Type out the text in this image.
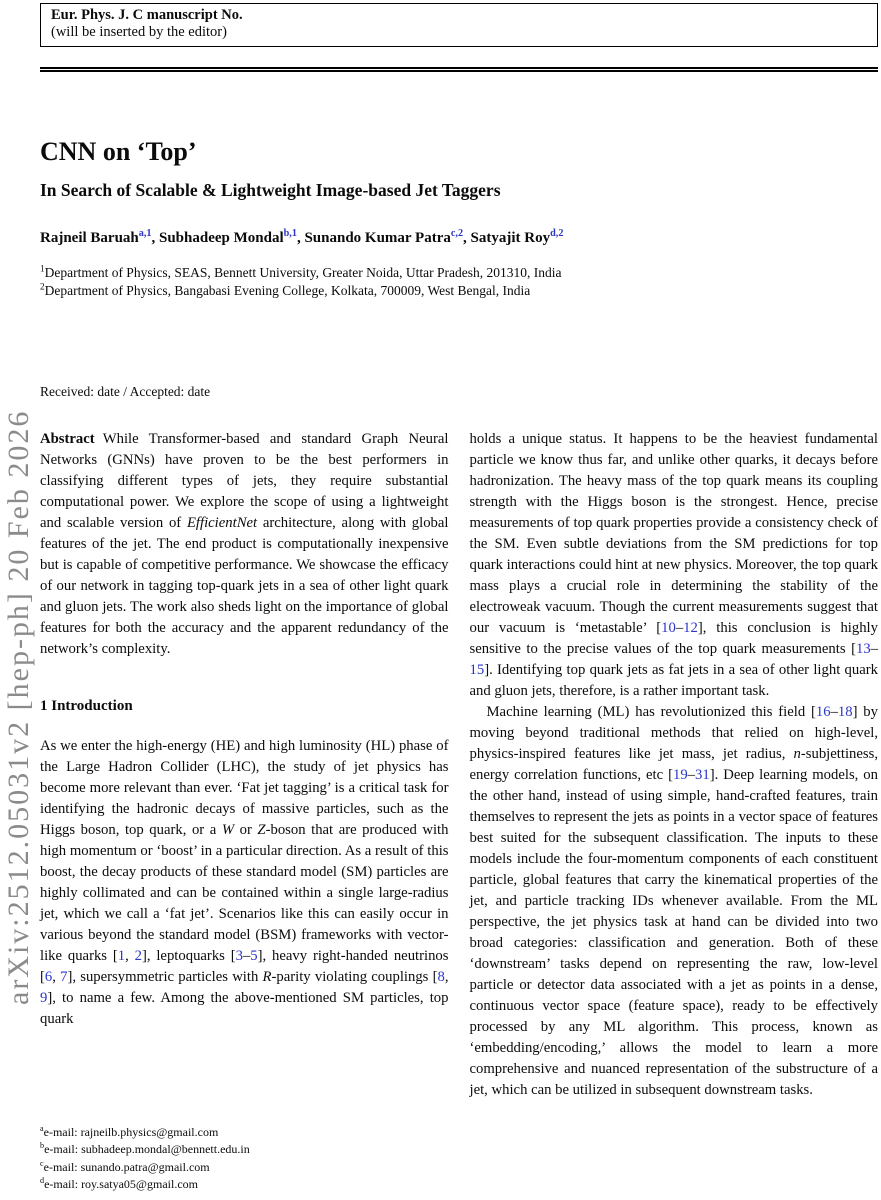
arXiv:2512.05031v2 [hep-ph] 20 Feb 2026
Eur. Phys. J. C manuscript No.
(will be inserted by the editor)
CNN on ‘Top’
In Search of Scalable & Lightweight Image-based Jet Taggers
Rajneil Baruah$^{a,1}$, Subhadeep Mondal$^{b,1}$, Sunando Kumar Patra$^{c,2}$, Satyajit Roy$^{d,2}$
$^1$Department of Physics, SEAS, Bennett University, Greater Noida, Uttar Pradesh, 201310, India
$^2$Department of Physics, Bangabasi Evening College, Kolkata, 700009, West Bengal, India
Received: date / Accepted: date

Abstract While Transformer-based and standard Graph Neural Networks (GNNs) have proven to be the best performers in classifying different types of jets, they require substantial computational power. We explore the scope of using a lightweight and scalable version of EfficientNet architecture, along with global features of the jet. The end product is computationally inexpensive but is capable of competitive performance. We showcase the efficacy of our network in tagging top-quark jets in a sea of other light quark and gluon jets. The work also sheds light on the importance of global features for both the accuracy and the apparent redundancy of the network’s complexity.

1 Introduction

As we enter the high-energy (HE) and high luminosity (HL) phase of the Large Hadron Collider (LHC), the study of jet physics has become more relevant than ever. ‘Fat jet tagging’ is a critical task for identifying the hadronic decays of massive particles, such as the Higgs boson, top quark, or a W or Z-boson that are produced with high momentum or ‘boost’ in a particular direction. As a result of this boost, the decay products of these standard model (SM) particles are highly collimated and can be contained within a single large-radius jet, which we call a ‘fat jet’. Scenarios like this can easily occur in various beyond the standard model (BSM) frameworks with vector-like quarks [1, 2], leptoquarks [3–5], heavy right-handed neutrinos [6, 7], supersymmetric particles with R-parity violating couplings [8, 9], to name a few. Among the above-mentioned SM particles, top quark

$^a$e-mail: rajneilb.physics@gmail.com
$^b$e-mail: subhadeep.mondal@bennett.edu.in
$^c$e-mail: sunando.patra@gmail.com
$^d$e-mail: roy.satya05@gmail.com

holds a unique status. It happens to be the heaviest fundamental particle we know thus far, and unlike other quarks, it decays before hadronization. The heavy mass of the top quark means its coupling strength with the Higgs boson is the strongest. Hence, precise measurements of top quark properties provide a consistency check of the SM. Even subtle deviations from the SM predictions for top quark interactions could hint at new physics. Moreover, the top quark mass plays a crucial role in determining the stability of the electroweak vacuum. Though the current measurements suggest that our vacuum is ‘metastable’ [10–12], this conclusion is highly sensitive to the precise values of the top quark measurements [13–15]. Identifying top quark jets as fat jets in a sea of other light quark and gluon jets, therefore, is a rather important task.

Machine learning (ML) has revolutionized this field [16–18] by moving beyond traditional methods that relied on high-level, physics-inspired features like jet mass, jet radius, n-subjettiness, energy correlation functions, etc [19–31]. Deep learning models, on the other hand, instead of using simple, hand-crafted features, train themselves to represent the jets as points in a vector space of features best suited for the subsequent classification. The inputs to these models include the four-momentum components of each constituent particle, global features that carry the kinematical properties of the jet, and particle tracking IDs whenever available. From the ML perspective, the jet physics task at hand can be divided into two broad categories: classification and generation. Both of these ‘downstream’ tasks depend on representing the raw, low-level particle or detector data associated with a jet as points in a dense, continuous vector space (feature space), ready to be effectively processed by any ML algorithm. This process, known as ‘embedding/encoding,’ allows the model to learn a more comprehensive and nuanced representation of the substructure of a jet, which can be utilized in subsequent downstream tasks.
